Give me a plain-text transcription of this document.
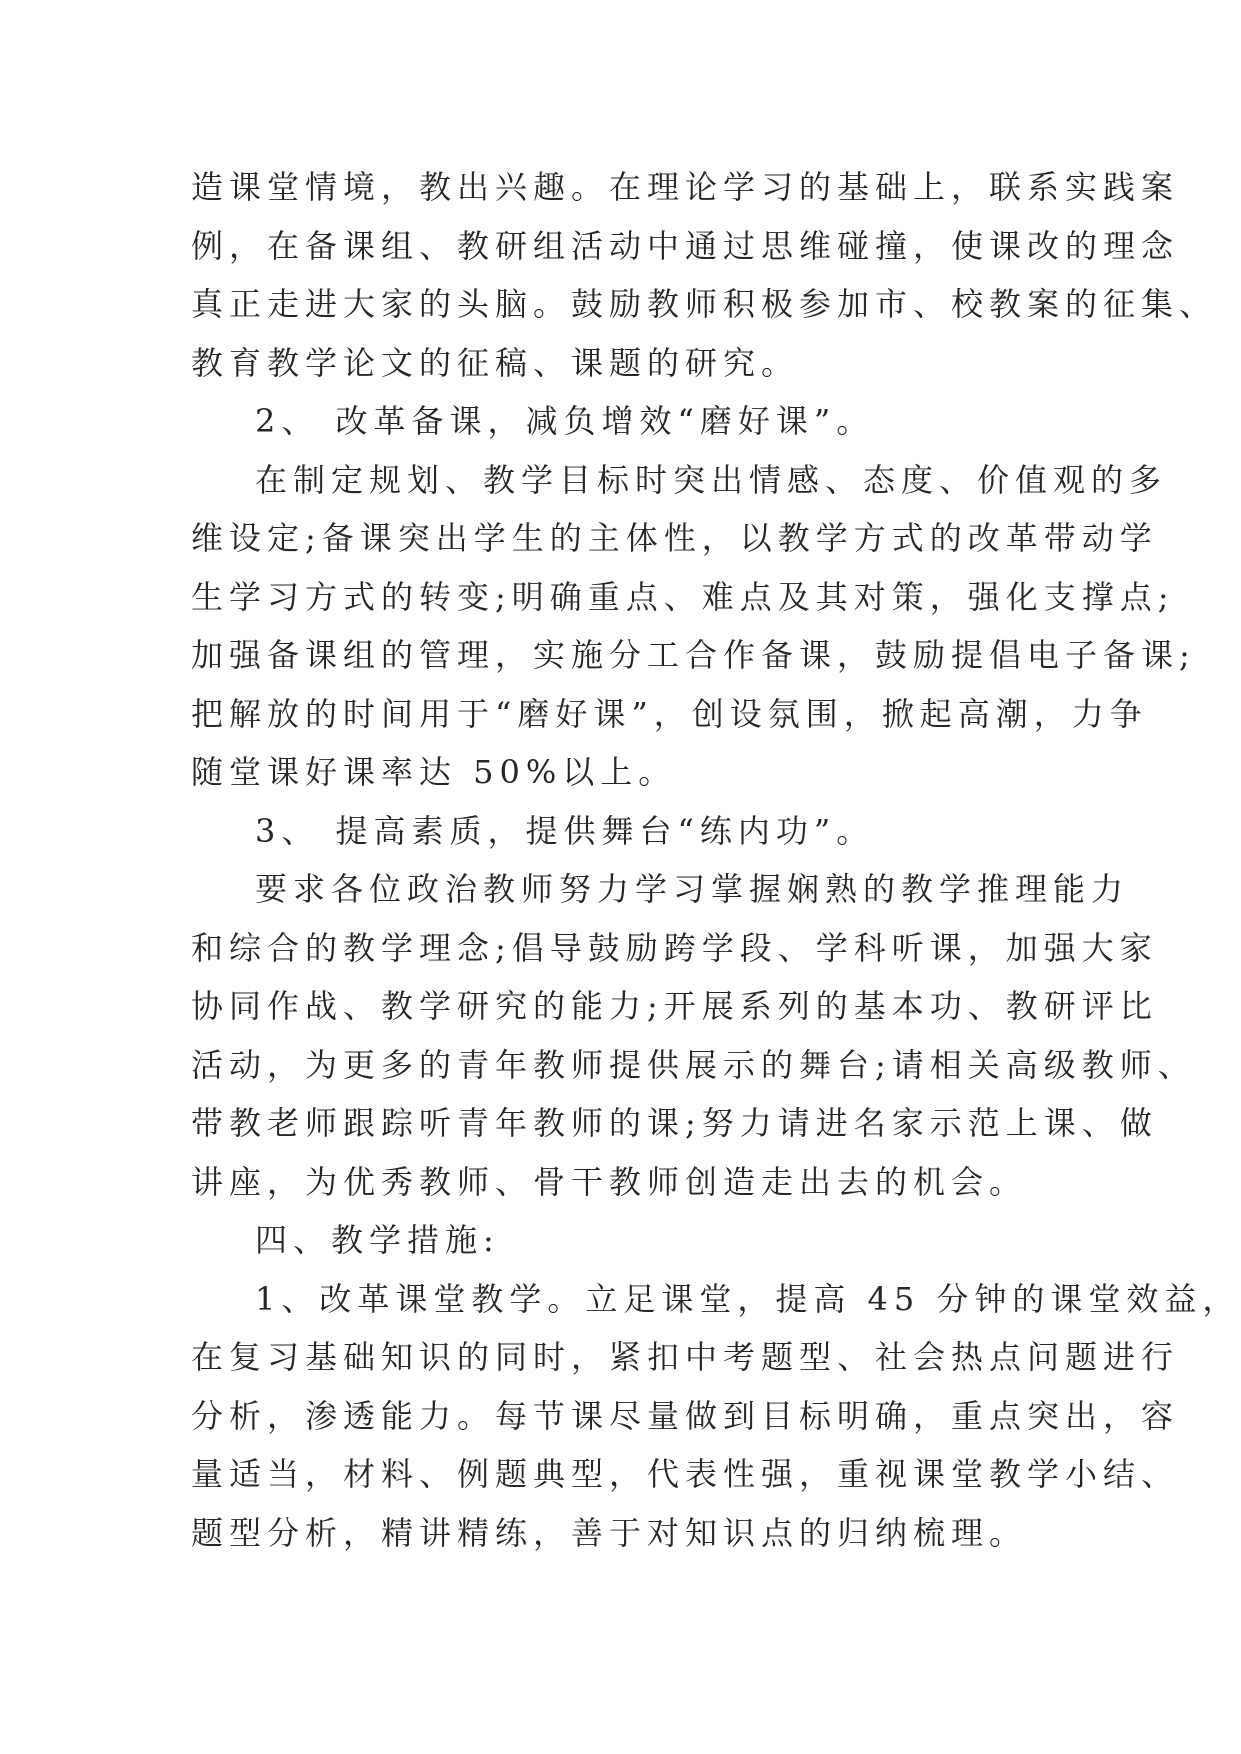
造课堂情境，教出兴趣。在理论学习的基础上，联系实践案

例，在备课组、教研组活动中通过思维碰撞，使课改的理念

真正走进大家的头脑。鼓励教师积极参加市、校教案的征集、

教育教学论文的征稿、课题的研究。

2、 改革备课，减负增效“磨好课”。

在制定规划、教学目标时突出情感、态度、价值观的多

维设定;备课突出学生的主体性，以教学方式的改革带动学

生学习方式的转变;明确重点、难点及其对策，强化支撑点;

加强备课组的管理，实施分工合作备课，鼓励提倡电子备课;

把解放的时间用于“磨好课”，创设氛围，掀起高潮，力争

随堂课好课率达 50%以上。

3、 提高素质，提供舞台“练内功”。

要求各位政治教师努力学习掌握娴熟的教学推理能力

和综合的教学理念;倡导鼓励跨学段、学科听课，加强大家

协同作战、教学研究的能力;开展系列的基本功、教研评比

活动，为更多的青年教师提供展示的舞台;请相关高级教师、

带教老师跟踪听青年教师的课;努力请进名家示范上课、做

讲座，为优秀教师、骨干教师创造走出去的机会。

四、教学措施:

1、改革课堂教学。立足课堂，提高 45 分钟的课堂效益，

在复习基础知识的同时，紧扣中考题型、社会热点问题进行

分析，渗透能力。每节课尽量做到目标明确，重点突出，容

量适当，材料、例题典型，代表性强，重视课堂教学小结、

题型分析，精讲精练，善于对知识点的归纳梳理。
